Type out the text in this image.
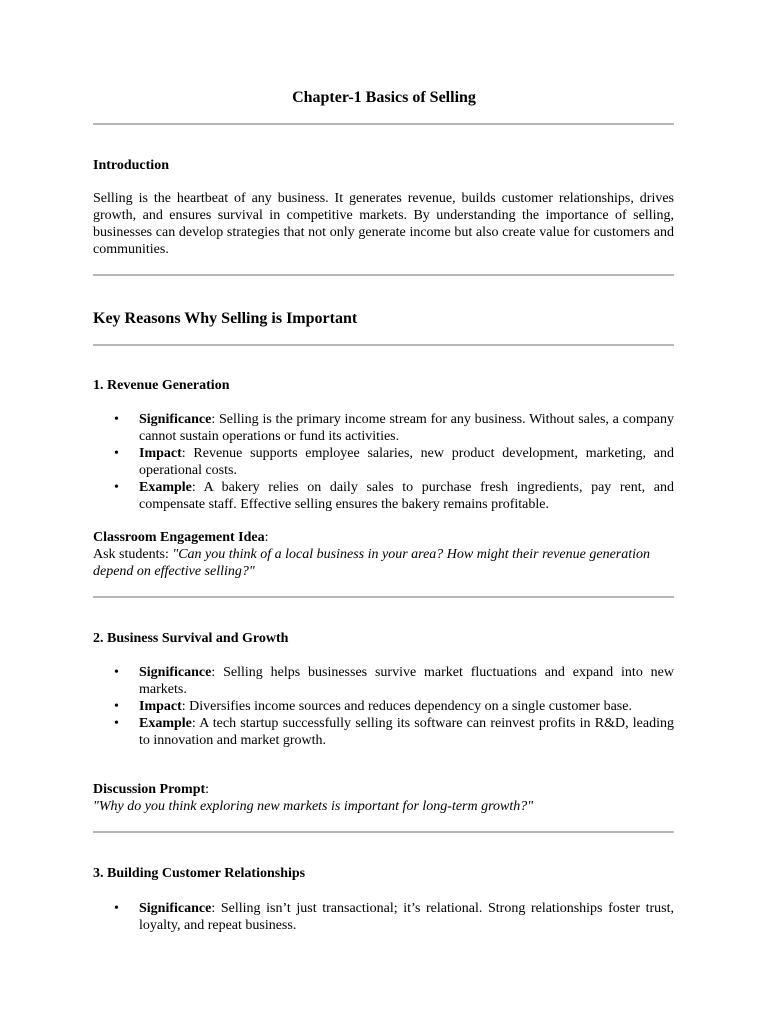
Chapter-1 Basics of Selling
Introduction
Selling is the heartbeat of any business. It generates revenue, builds customer relationships, drives growth, and ensures survival in competitive markets. By understanding the importance of selling, businesses can develop strategies that not only generate income but also create value for customers and communities.
Key Reasons Why Selling is Important
1. Revenue Generation
• Significance: Selling is the primary income stream for any business. Without sales, a company cannot sustain operations or fund its activities.
• Impact: Revenue supports employee salaries, new product development, marketing, and operational costs.
• Example: A bakery relies on daily sales to purchase fresh ingredients, pay rent, and compensate staff. Effective selling ensures the bakery remains profitable.
Classroom Engagement Idea:
Ask students: "Can you think of a local business in your area? How might their revenue generation depend on effective selling?"
2. Business Survival and Growth
• Significance: Selling helps businesses survive market fluctuations and expand into new markets.
• Impact: Diversifies income sources and reduces dependency on a single customer base.
• Example: A tech startup successfully selling its software can reinvest profits in R&D, leading to innovation and market growth.
Discussion Prompt:
"Why do you think exploring new markets is important for long-term growth?"
3. Building Customer Relationships
• Significance: Selling isn’t just transactional; it’s relational. Strong relationships foster trust, loyalty, and repeat business.
